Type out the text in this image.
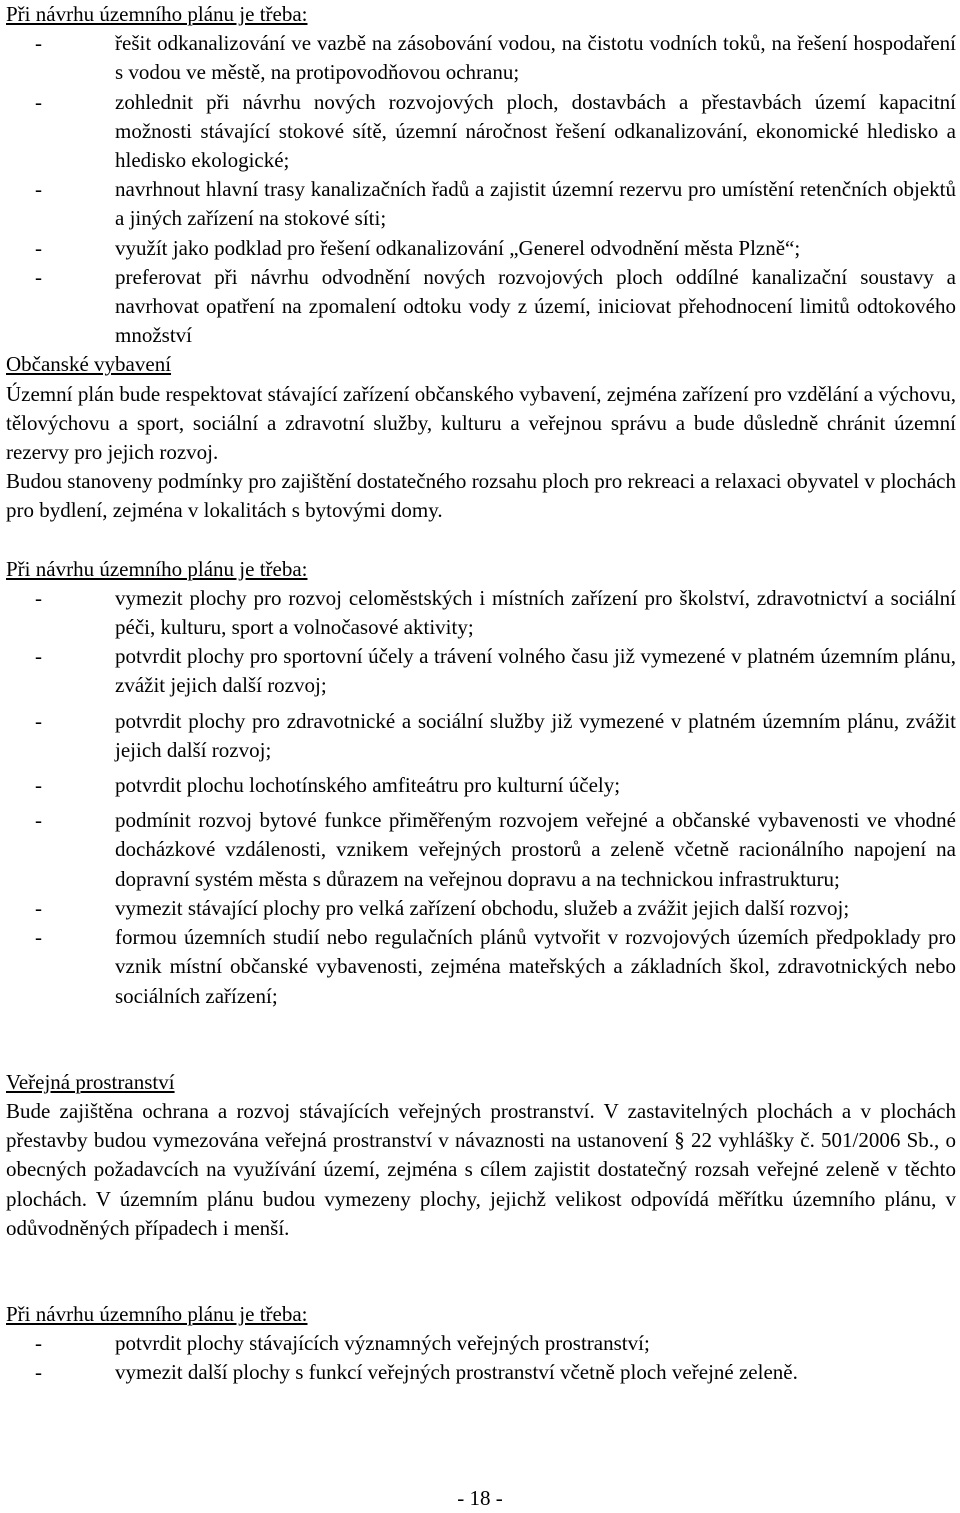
Při návrhu územního plánu je třeba:

-	řešit odkanalizování ve vazbě na zásobování vodou, na čistotu vodních toků, na řešení hospodaření s vodou ve městě, na protipovodňovou ochranu;
-	zohlednit při návrhu nových rozvojových ploch, dostavbách a přestavbách území kapacitní možnosti stávající stokové sítě, územní náročnost řešení odkanalizování, ekonomické hledisko a hledisko ekologické;
-	navrhnout hlavní trasy kanalizačních řadů a zajistit územní rezervu pro umístění retenčních objektů a jiných zařízení na stokové síti;
-	využít jako podklad pro řešení odkanalizování „Generel odvodnění města Plzně“;
-	preferovat při návrhu odvodnění nových rozvojových ploch oddílné kanalizační soustavy a navrhovat opatření na zpomalení odtoku vody z území, iniciovat přehodnocení limitů odtokového množství

Občanské vybavení

Územní plán bude respektovat stávající zařízení občanského vybavení, zejména zařízení pro vzdělání a výchovu, tělovýchovu a sport, sociální a zdravotní služby, kulturu a veřejnou správu a bude důsledně chránit územní rezervy pro jejich rozvoj.

Budou stanoveny podmínky pro zajištění dostatečného rozsahu ploch pro rekreaci a relaxaci obyvatel v plochách pro bydlení, zejména v lokalitách s bytovými domy.

Při návrhu územního plánu je třeba:

-	vymezit plochy pro rozvoj celoměstských i místních zařízení pro školství, zdravotnictví a sociální péči, kulturu, sport a volnočasové aktivity;
-	potvrdit plochy pro sportovní účely a trávení volného času již vymezené v platném územním plánu, zvážit jejich další rozvoj;
-	potvrdit plochy pro zdravotnické a sociální služby již vymezené v platném územním plánu, zvážit jejich další rozvoj;
-	potvrdit plochu lochotínského amfiteátru pro kulturní účely;
-	podmínit rozvoj bytové funkce přiměřeným rozvojem veřejné a občanské vybavenosti ve vhodné docházkové vzdálenosti, vznikem veřejných prostorů a zeleně včetně racionálního napojení na dopravní systém města s důrazem na veřejnou dopravu a na technickou infrastrukturu;
-	vymezit stávající plochy pro velká zařízení obchodu, služeb a zvážit jejich další rozvoj;
-	formou územních studií nebo regulačních plánů vytvořit v rozvojových územích předpoklady pro vznik místní občanské vybavenosti, zejména mateřských a základních škol, zdravotnických nebo sociálních zařízení;

Veřejná prostranství

Bude zajištěna ochrana a rozvoj stávajících veřejných prostranství. V zastavitelných plochách a v plochách přestavby budou vymezována veřejná prostranství v návaznosti na ustanovení § 22 vyhlášky č. 501/2006 Sb., o obecných požadavcích na využívání území, zejména s cílem zajistit dostatečný rozsah veřejné zeleně v těchto plochách. V územním plánu budou vymezeny plochy, jejichž velikost odpovídá měřítku územního plánu, v odůvodněných případech i menší.

Při návrhu územního plánu je třeba:

-	potvrdit plochy stávajících významných veřejných prostranství;
-	vymezit další plochy s funkcí veřejných prostranství včetně ploch veřejné zeleně.
- 18 -
